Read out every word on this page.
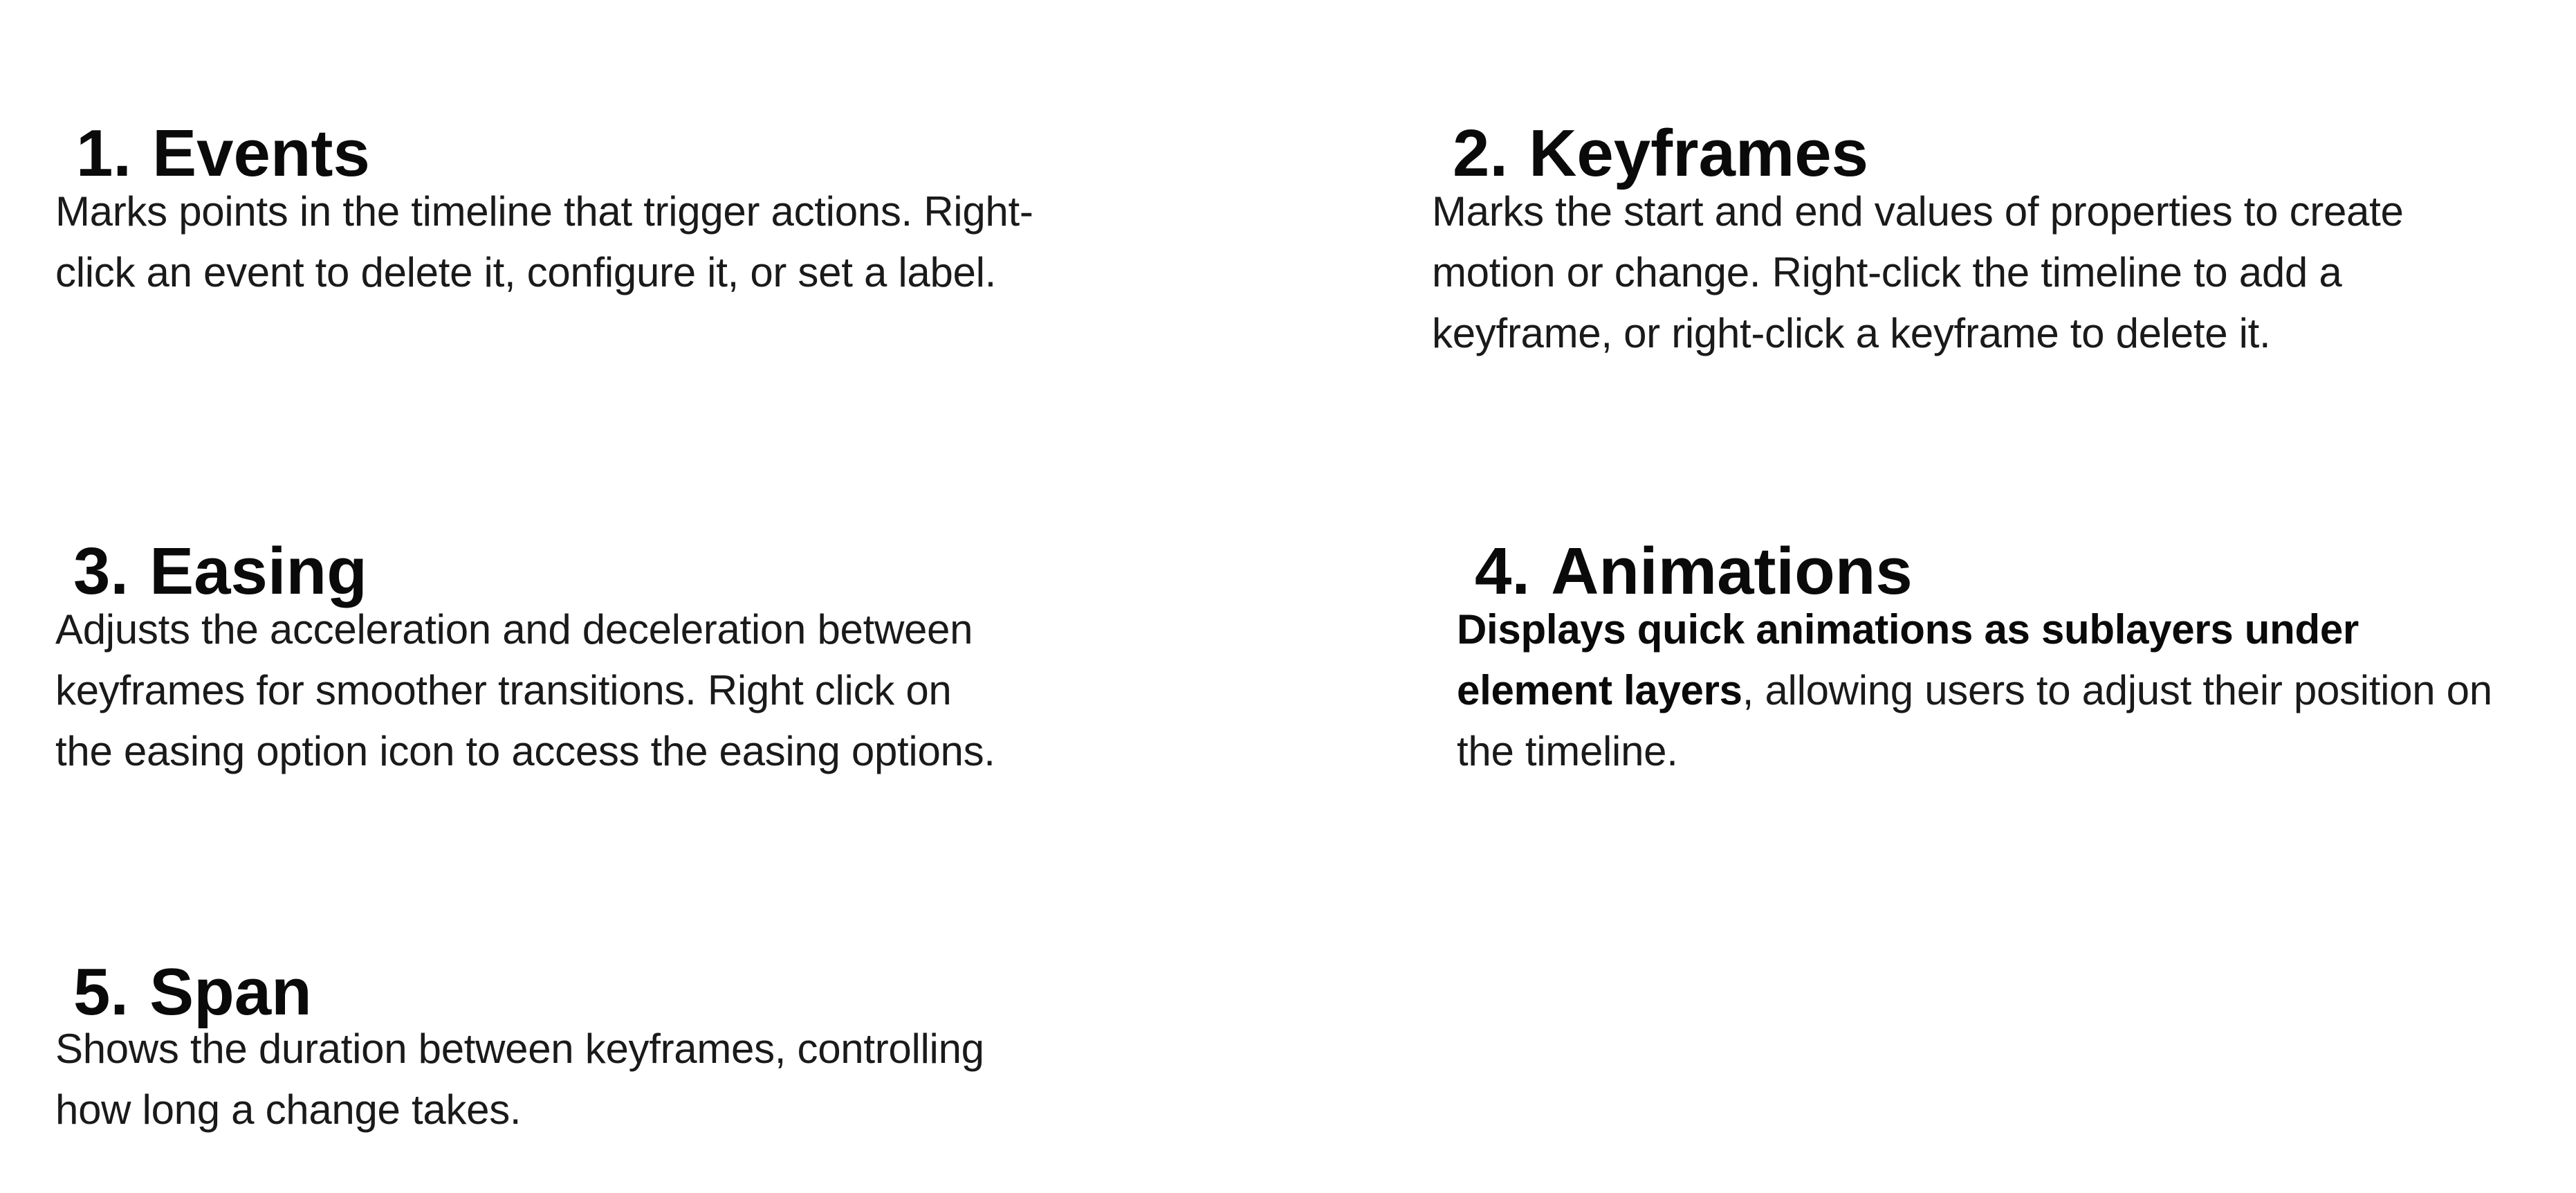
1. Events

Marks points in the timeline that trigger actions. Right-
click an event to delete it, configure it, or set a label.

2. Keyframes

Marks the start and end values of properties to create
motion or change. Right-click the timeline to add a
keyframe, or right-click a keyframe to delete it.

3. Easing

Adjusts the acceleration and deceleration between
keyframes for smoother transitions. Right click on
the easing option icon to access the easing options.

4. Animations

Displays quick animations as sublayers under
element layers, allowing users to adjust their position on
the timeline.

5. Span

Shows the duration between keyframes, controlling
how long a change takes.
